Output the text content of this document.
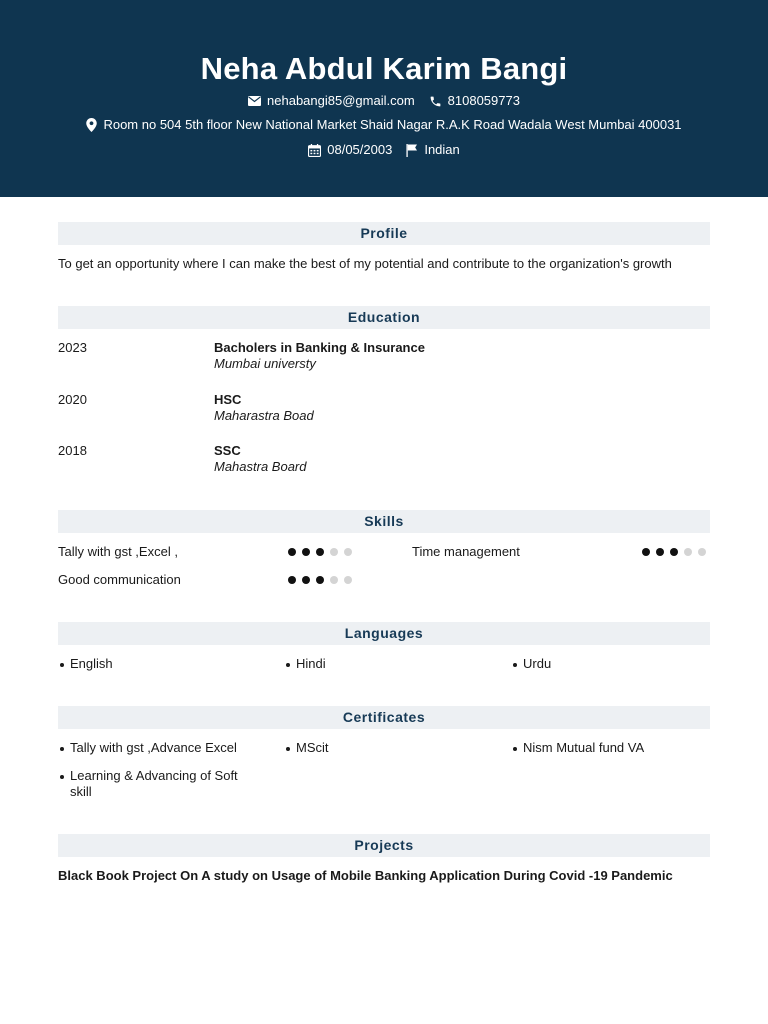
Neha Abdul Karim Bangi
nehabangi85@gmail.com	8108059773
Room no 504 5th floor New National Market Shaid Nagar R.A.K Road Wadala West Mumbai 400031
08/05/2003 Indian
Profile
To get an opportunity where I can make the best of my potential and contribute to the organization's growth
Education
2023	Bacholers in Banking & Insurance
Mumbai universty
2020	HSC
Maharastra Boad
2018	SSC
Mahastra Board
Skills
Tally with gst ,Excel ,	Time management
Good communication
Languages
English	Hindi	Urdu
Certificates
Tally with gst ,Advance Excel	MScit	Nism Mutual fund VA
Learning & Advancing of Soft skill
Projects
Black Book Project On A study on Usage of Mobile Banking Application During Covid -19 Pandemic
